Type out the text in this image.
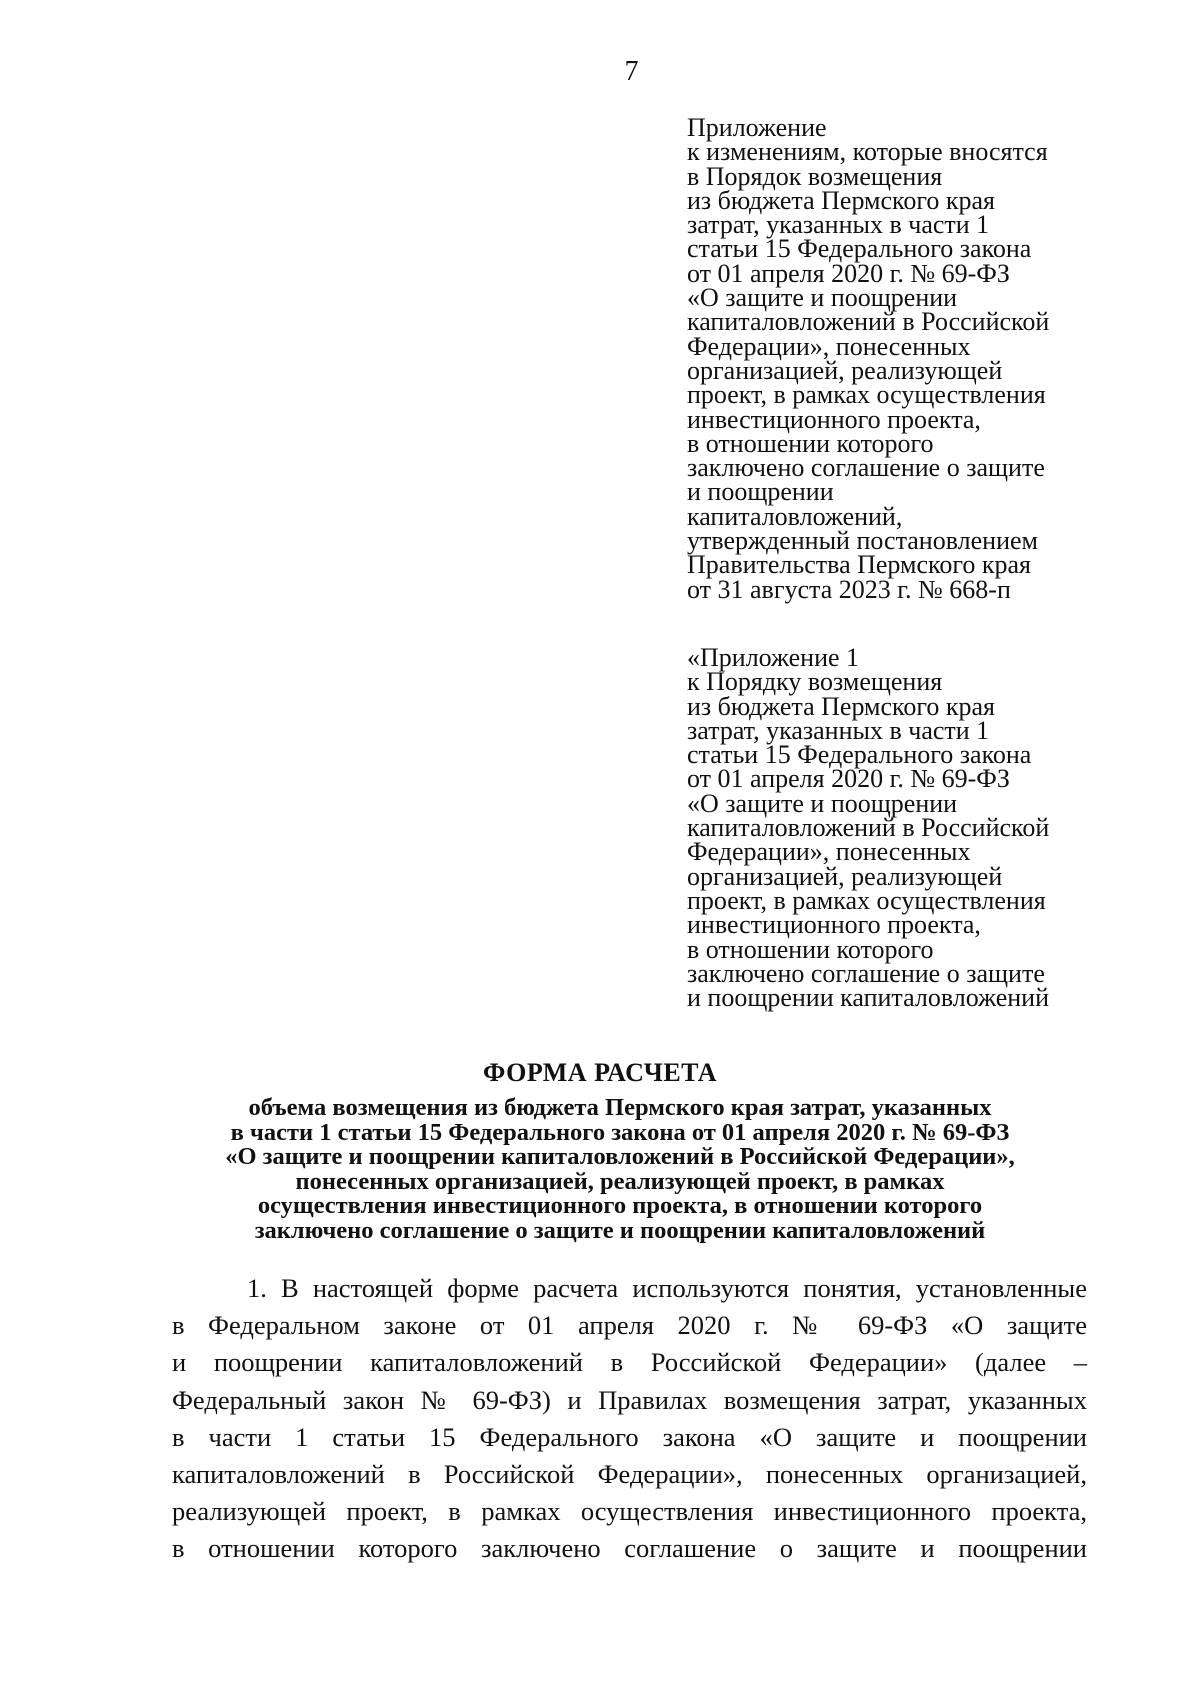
7
Приложение
к изменениям, которые вносятся
в Порядок возмещения
из бюджета Пермского края
затрат, указанных в части 1
статьи 15 Федерального закона
от 01 апреля 2020 г. № 69-ФЗ
«О защите и поощрении
капиталовложений в Российской
Федерации», понесенных
организацией, реализующей
проект, в рамках осуществления
инвестиционного проекта,
в отношении которого
заключено соглашение о защите
и поощрении
капиталовложений,
утвержденный постановлением
Правительства Пермского края
от 31 августа 2023 г. № 668-п
«Приложение 1
к Порядку возмещения
из бюджета Пермского края
затрат, указанных в части 1
статьи 15 Федерального закона
от 01 апреля 2020 г. № 69-ФЗ
«О защите и поощрении
капиталовложений в Российской
Федерации», понесенных
организацией, реализующей
проект, в рамках осуществления
инвестиционного проекта,
в отношении которого
заключено соглашение о защите
и поощрении капиталовложений
ФОРМА РАСЧЕТА
объема возмещения из бюджета Пермского края затрат, указанных
в части 1 статьи 15 Федерального закона от 01 апреля 2020 г. № 69-ФЗ
«О защите и поощрении капиталовложений в Российской Федерации»,
понесенных организацией, реализующей проект, в рамках
осуществления инвестиционного проекта, в отношении которого
заключено соглашение о защите и поощрении капиталовложений
1. В настоящей форме расчета используются понятия, установленные
в Федеральном законе от 01 апреля 2020 г. № 69-ФЗ «О защите
и поощрении капиталовложений в Российской Федерации» (далее –
Федеральный закон № 69-ФЗ) и Правилах возмещения затрат, указанных
в части 1 статьи 15 Федерального закона «О защите и поощрении
капиталовложений в Российской Федерации», понесенных организацией,
реализующей проект, в рамках осуществления инвестиционного проекта,
в отношении которого заключено соглашение о защите и поощрении
